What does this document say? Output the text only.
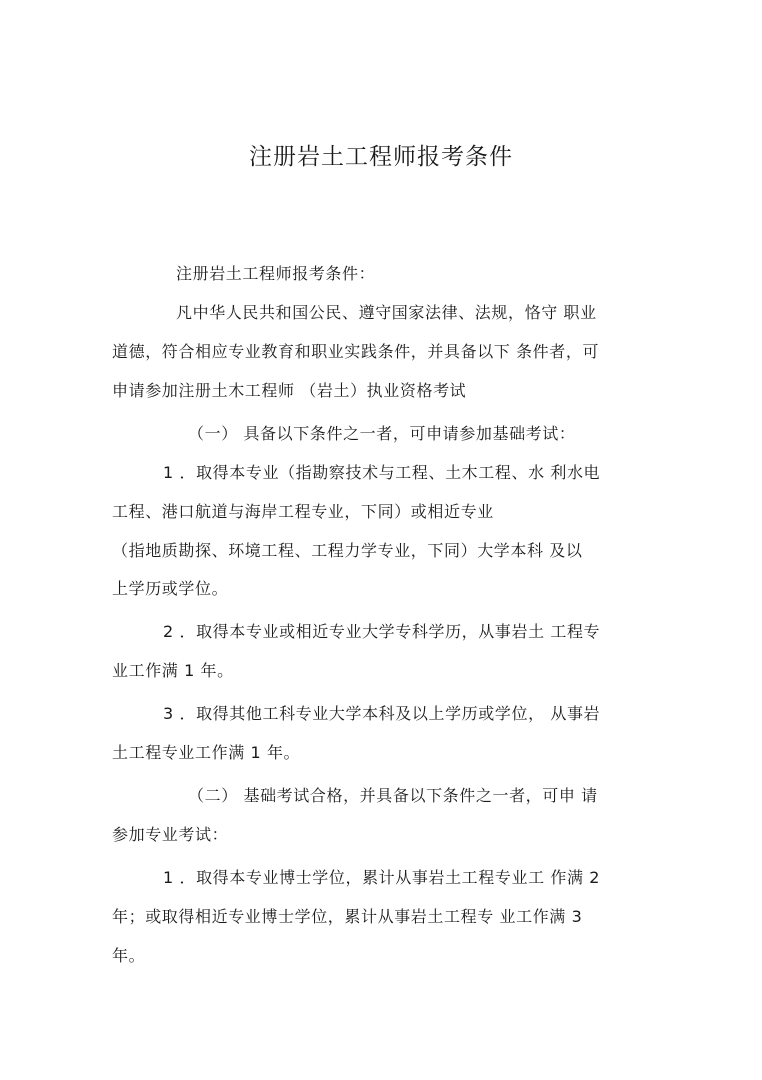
注册岩土工程师报考条件
注册岩土工程师报考条件：
凡中华人民共和国公民、遵守国家法律、法规，恪守 职业
道德，符合相应专业教育和职业实践条件，并具备以下 条件者，可
申请参加注册土木工程师 （岩土）执业资格考试
（一） 具备以下条件之一者，可申请参加基础考试：
1 ．取得本专业（指勘察技术与工程、土木工程、水 利水电
工程、港口航道与海岸工程专业，下同）或相近专业
（指地质勘探、环境工程、工程力学专业，下同）大学本科 及以
上学历或学位。
2 ．取得本专业或相近专业大学专科学历，从事岩土 工程专
业工作满 1 年。
3 ．取得其他工科专业大学本科及以上学历或学位， 从事岩
土工程专业工作满 1 年。
（二） 基础考试合格，并具备以下条件之一者，可申 请
参加专业考试：
1 ．取得本专业博士学位，累计从事岩土工程专业工 作满 2
年；或取得相近专业博士学位，累计从事岩土工程专 业工作满 3
年。
